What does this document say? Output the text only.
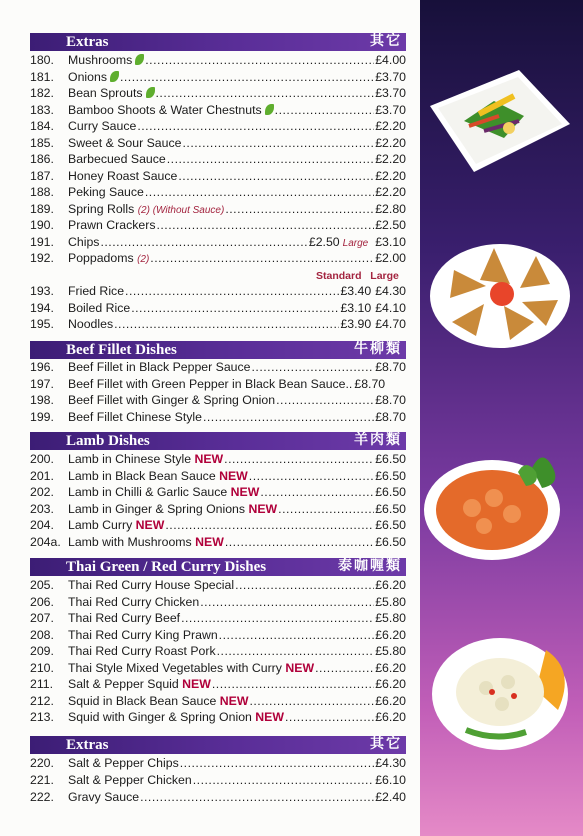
Extras	其它
180.	Mushrooms .....	£4.00
181.	Onions .....	£3.70
182.	Bean Sprouts .....	£3.70
183.	Bamboo Shoots & Water Chestnuts .....	£3.70
184.	Curry Sauce .....	£2.20
185.	Sweet & Sour Sauce .....	£2.20
186.	Barbecued Sauce .....	£2.20
187.	Honey Roast Sauce .....	£2.20
188.	Peking Sauce .....	£2.20
189.	Spring Rolls (2) (Without Sauce) .....	£2.80
190.	Prawn Crackers .....	£2.50
191.	Chips .....	£2.50 Large £3.10
192.	Poppadoms (2) .....	£2.00
Standard Large
193.	Fried Rice .....	£3.40 £4.30
194.	Boiled Rice .....	£3.10 £4.10
195.	Noodles .....	£3.90 £4.70
Beef Fillet Dishes	牛柳類
196.	Beef Fillet in Black Pepper Sauce .....	£8.70
197.	Beef Fillet with Green Pepper in Black Bean Sauce.. £8.70
198.	Beef Fillet with Ginger & Spring Onion .....	£8.70
199.	Beef Fillet Chinese Style .....	£8.70
Lamb Dishes	羊肉類
200.	Lamb in Chinese Style NEW .....	£6.50
201.	Lamb in Black Bean Sauce NEW .....	£6.50
202.	Lamb in Chilli & Garlic Sauce NEW .....	£6.50
203.	Lamb in Ginger & Spring Onions NEW .....	£6.50
204.	Lamb Curry NEW .....	£6.50
204a. Lamb with Mushrooms NEW .....	£6.50
Thai Green / Red Curry Dishes	泰咖喱類
205.	Thai Red Curry House Special .....	£6.20
206.	Thai Red Curry Chicken .....	£5.80
207.	Thai Red Curry Beef .....	£5.80
208.	Thai Red Curry King Prawn .....	£6.20
209.	Thai Red Curry Roast Pork .....	£5.80
210.	Thai Style Mixed Vegetables with Curry NEW .....	£6.20
211.	Salt & Pepper Squid NEW .....	£6.20
212.	Squid in Black Bean Sauce NEW .....	£6.20
213.	Squid with Ginger & Spring Onion NEW .....	£6.20
Extras	其它
220.	Salt & Pepper Chips .....	£4.30
221.	Salt & Pepper Chicken .....	£6.10
222.	Gravy Sauce .....	£2.40
